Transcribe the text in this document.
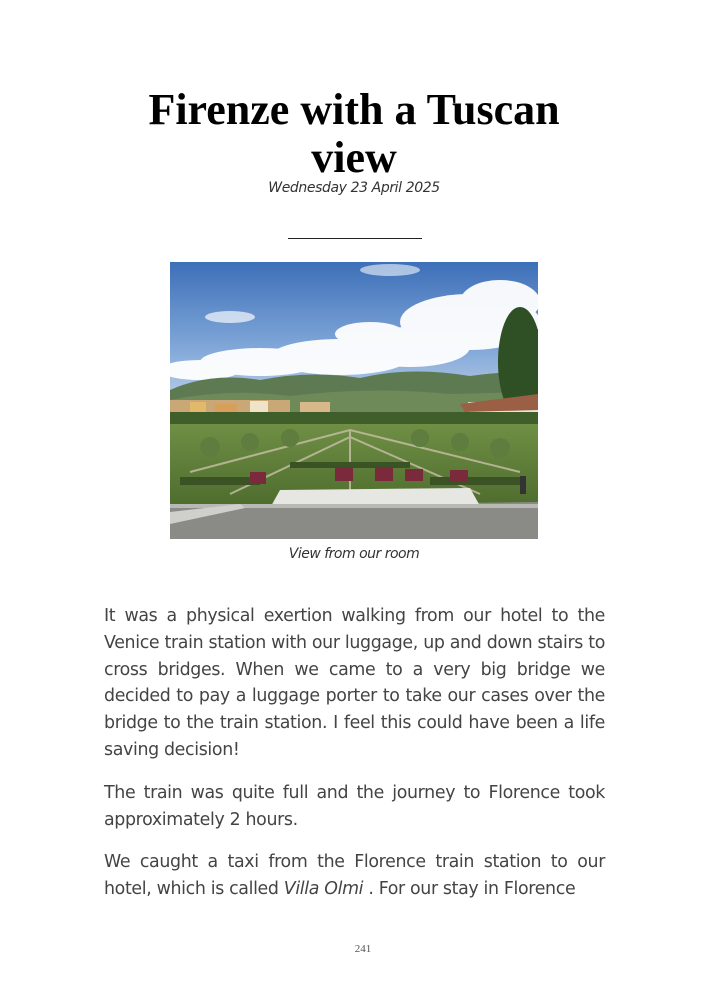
Firenze with a Tuscan view
Wednesday 23 April 2025
View from our room

It was a physical exertion walking from our hotel to the Venice train station with our luggage, up and down stairs to cross bridges. When we came to a very big bridge we decided to pay a luggage porter to take our cases over the bridge to the train station. I feel this could have been a life saving decision!

The train was quite full and the journey to Florence took approximately 2 hours.

We caught a taxi from the Florence train station to our hotel, which is called Villa Olmi . For our stay in Florence

241
